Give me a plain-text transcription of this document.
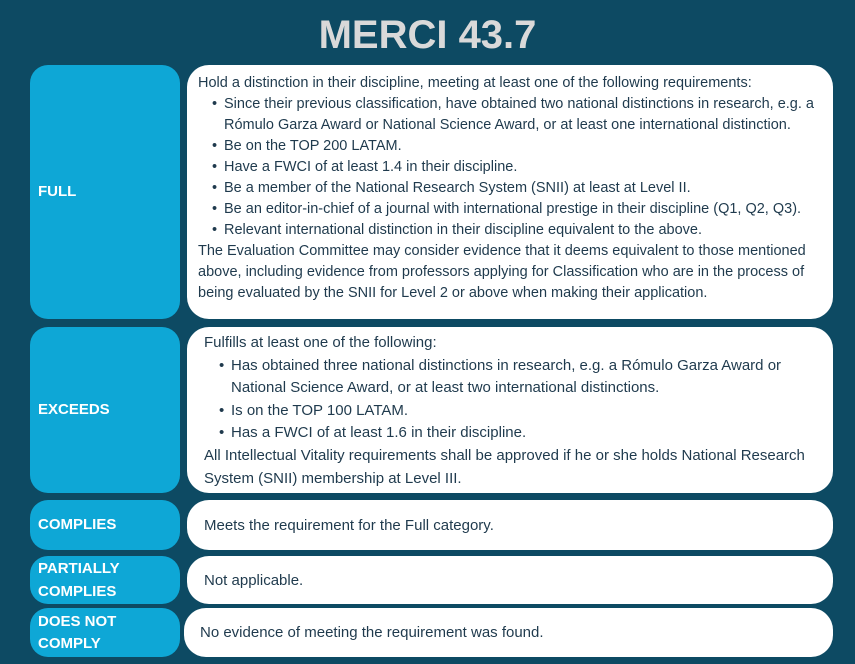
MERCI 43.7
FULL

Hold a distinction in their discipline, meeting at least one of the following requirements:

• Since their previous classification, have obtained two national distinctions in research, e.g. a Rómulo Garza Award or National Science Award, or at least one international distinction.
• Be on the TOP 200 LATAM.
• Have a FWCI of at least 1.4 in their discipline.
• Be a member of the National Research System (SNII) at least at Level II.
• Be an editor-in-chief of a journal with international prestige in their discipline (Q1, Q2, Q3).
• Relevant international distinction in their discipline equivalent to the above.

The Evaluation Committee may consider evidence that it deems equivalent to those mentioned above, including evidence from professors applying for Classification who are in the process of being evaluated by the SNII for Level 2 or above when making their application.

EXCEEDS

Fulfills at least one of the following:

• Has obtained three national distinctions in research, e.g. a Rómulo Garza Award or National Science Award, or at least two international distinctions.
• Is on the TOP 100 LATAM.
• Has a FWCI of at least 1.6 in their discipline.

All Intellectual Vitality requirements shall be approved if he or she holds National Research System (SNII) membership at Level III.

COMPLIES	Meets the requirement for the Full category.
PARTIALLY COMPLIES
Not applicable.
DOES NOT COMPLY
No evidence of meeting the requirement was found.
